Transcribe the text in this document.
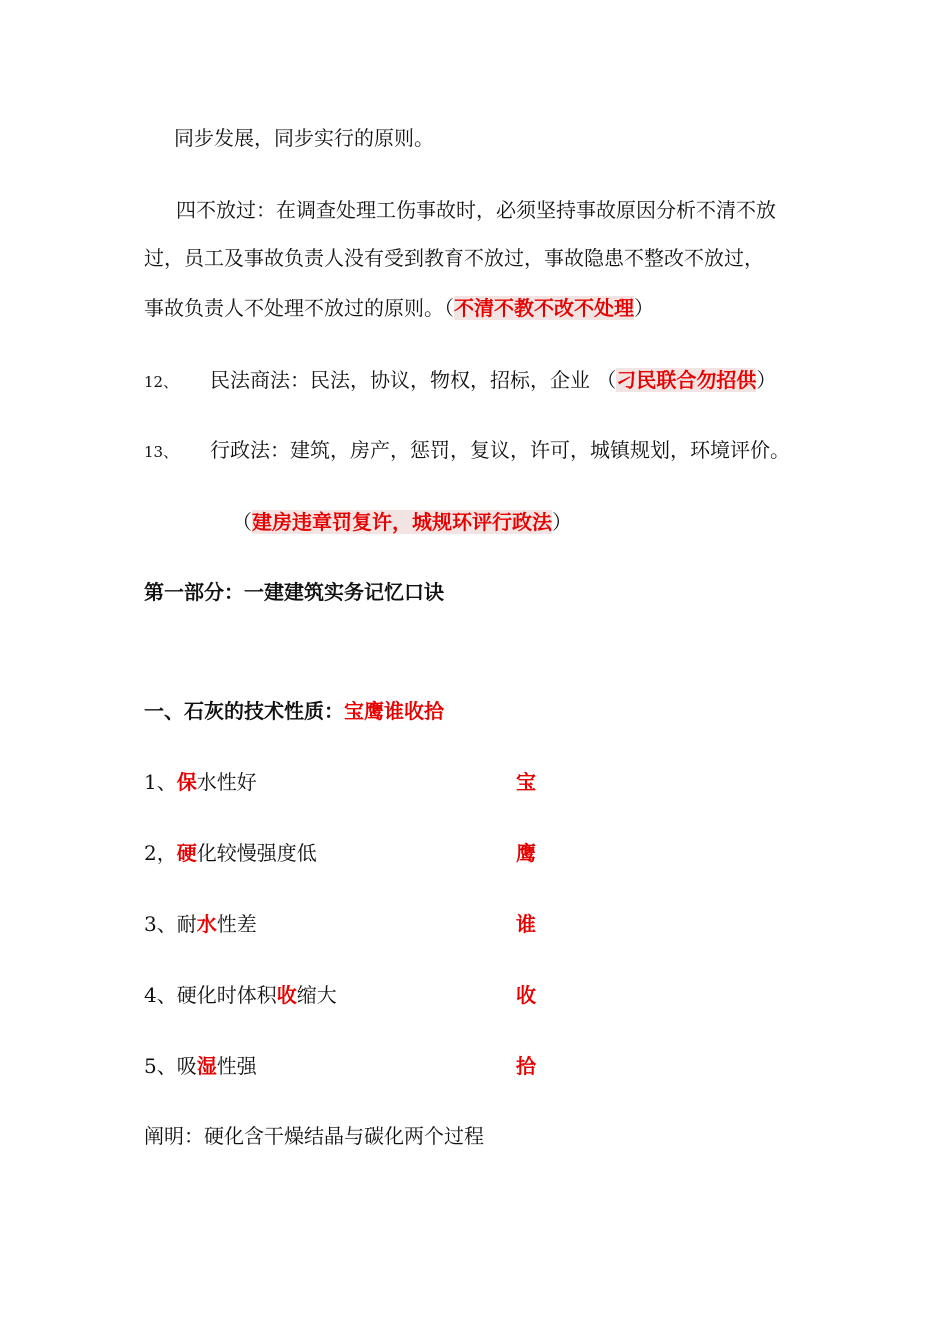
同步发展，同步实行的原则。
四不放过：在调查处理工伤事故时，必须坚持事故原因分析不清不放
过，员工及事故负责人没有受到教育不放过，事故隐患不整改不放过，
事故负责人不处理不放过的原则。（不清不教不改不处理）
12、 民法商法：民法，协议，物权，招标，企业 （刁民联合勿招供）
13、 行政法：建筑，房产，惩罚，复议，许可，城镇规划，环境评价。
（建房违章罚复许，城规环评行政法）
第一部分：一建建筑实务记忆口诀
一、石灰的技术性质：宝鹰谁收拾
1、保水性好	宝
2，硬化较慢强度低	鹰
3、耐水性差	谁
4、硬化时体积收缩大	收
5、吸湿性强	拾
阐明：硬化含干燥结晶与碳化两个过程
